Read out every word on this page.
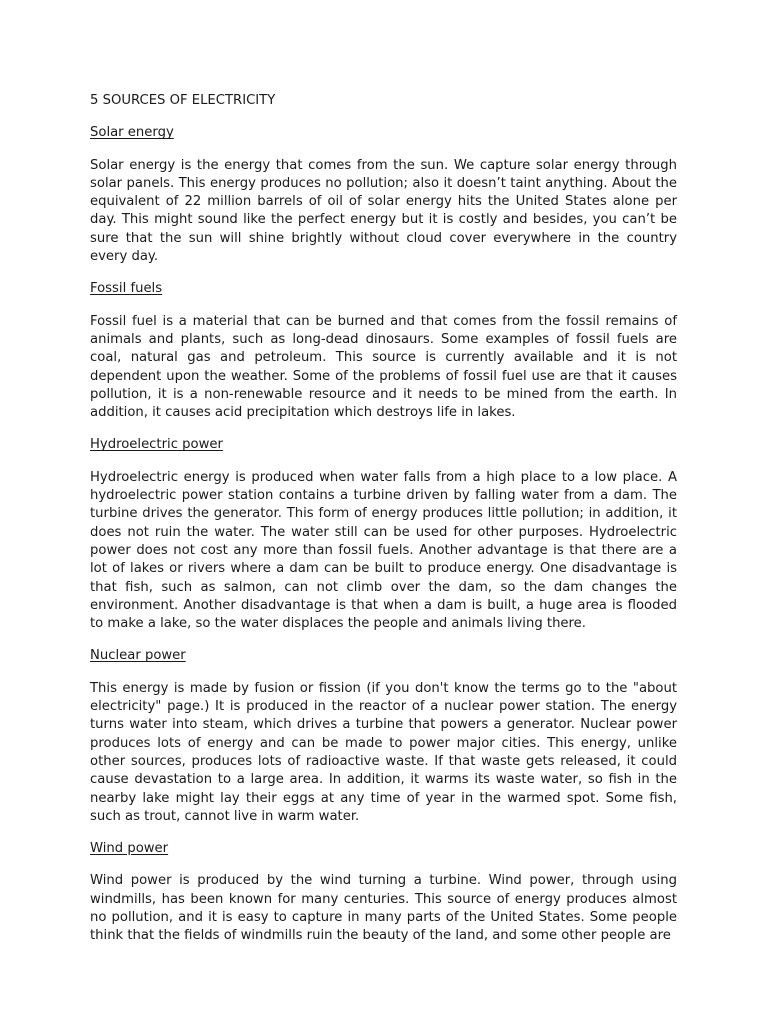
5 SOURCES OF ELECTRICITY
Solar energy

Solar energy is the energy that comes from the sun. We capture solar energy through solar panels. This energy produces no pollution; also it doesn’t taint anything. About the equivalent of 22 million barrels of oil of solar energy hits the United States alone per day. This might sound like the perfect energy but it is costly and besides, you can’t be sure that the sun will shine brightly without cloud cover everywhere in the country every day.

Fossil fuels

Fossil fuel is a material that can be burned and that comes from the fossil remains of animals and plants, such as long-dead dinosaurs. Some examples of fossil fuels are coal, natural gas and petroleum. This source is currently available and it is not dependent upon the weather. Some of the problems of fossil fuel use are that it causes pollution, it is a non-renewable resource and it needs to be mined from the earth. In addition, it causes acid precipitation which destroys life in lakes.

Hydroelectric power

Hydroelectric energy is produced when water falls from a high place to a low place. A hydroelectric power station contains a turbine driven by falling water from a dam. The turbine drives the generator. This form of energy produces little pollution; in addition, it does not ruin the water. The water still can be used for other purposes. Hydroelectric power does not cost any more than fossil fuels. Another advantage is that there are a lot of lakes or rivers where a dam can be built to produce energy. One disadvantage is that fish, such as salmon, can not climb over the dam, so the dam changes the environment. Another disadvantage is that when a dam is built, a huge area is flooded to make a lake, so the water displaces the people and animals living there.

Nuclear power

This energy is made by fusion or fission (if you don't know the terms go to the "about electricity" page.) It is produced in the reactor of a nuclear power station. The energy turns water into steam, which drives a turbine that powers a generator. Nuclear power produces lots of energy and can be made to power major cities. This energy, unlike other sources, produces lots of radioactive waste. If that waste gets released, it could cause devastation to a large area. In addition, it warms its waste water, so fish in the nearby lake might lay their eggs at any time of year in the warmed spot. Some fish, such as trout, cannot live in warm water.

Wind power

Wind power is produced by the wind turning a turbine. Wind power, through using windmills, has been known for many centuries. This source of energy produces almost no pollution, and it is easy to capture in many parts of the United States. Some people think that the fields of windmills ruin the beauty of the land, and some other people are
